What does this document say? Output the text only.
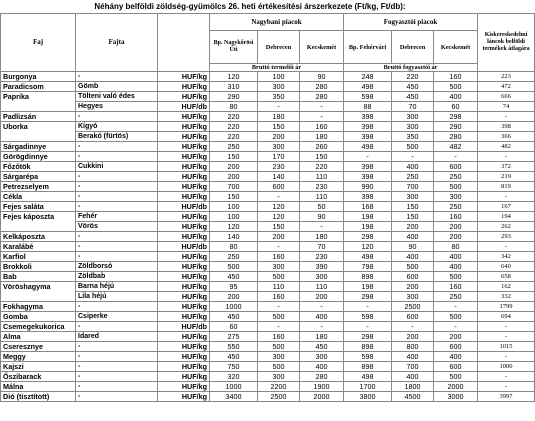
Néhány belföldi zöldség-gyümölcs 26. heti értékesítési árszerkezete (Ft/kg, Ft/db):
Faj	Fajta		Nagybani piacok			Fogyasztói piacok			Kiskereskedelmi láncok belföldi termékek átlagára
			Bp. Nagykőrösi Úti	Debrecen	Kecskemét	Bp. Fehérvári	Debrecen	Kecskemét	
			Bruttó termelői ár			Bruttó fogyasztói ár			
Burgonya	-	HUF/kg	120	100	90	248	220	160	223
Paradicsom	Gömb	HUF/kg	310	300	280	498	450	500	472
Paprika	Tölteni való édes	HUF/kg	290	350	280	598	450	400	666
	Hegyes	HUF/db	80	-	-	88	70	60	74
Padlizsán	-	HUF/kg	220	180	-	398	300	298	-
Uborka	Kígyó	HUF/kg	220	150	160	398	300	290	398
	Berakó (fürtös)	HUF/kg	220	200	180	398	350	280	366
Sárgadinnye	-	HUF/kg	250	300	260	498	500	482	482
Görögdinnye	-	HUF/kg	150	170	150	-	-	-	-
Főzőtök	Cukkini	HUF/kg	200	230	220	398	400	600	372
Sárgarépa	-	HUF/kg	200	140	110	398	250	250	219
Petrezselyem	-	HUF/kg	700	600	230	990	700	500	819
Cékla	-	HUF/kg	150	-	110	398	300	300	-
Fejes saláta	-	HUF/db	100	120	50	168	150	250	167
Fejes káposzta	Fehér	HUF/kg	100	120	90	198	150	160	194
	Vörös	HUF/kg	120	150	-	198	200	200	262
Kelkáposzta	-	HUF/kg	140	200	180	298	400	200	293
Karalábé	-	HUF/db	80	-	70	120	90	80	-
Karfiol	-	HUF/kg	250	160	230	498	400	400	342
Brokkoli	Zöldborsó	HUF/kg	500	300	390	798	500	400	640
Bab	Zöldbab	HUF/kg	450	500	300	898	600	500	658
Vöröshagyma	Barna héjú	HUF/kg	95	110	110	198	200	160	162
	Lila héjú	HUF/kg	200	160	200	298	300	250	332
Fokhagyma	-	HUF/kg	1000	-	-	-	2500	-	1799
Gomba	Csiperke	HUF/kg	450	500	400	598	600	500	694
Csemegekukorica	-	HUF/db	60	-	-	-	-	-	-
Alma	Idared	HUF/kg	275	160	180	298	200	200	-
Cseresznye	-	HUF/kg	550	500	450	898	800	600	1015
Meggy	-	HUF/kg	450	300	300	598	400	400	-
Kajszi	-	HUF/kg	750	500	400	898	700	600	1000
Őszibarack	-	HUF/kg	320	300	280	498	400	500	-
Málna	-	HUF/kg	1000	2200	1900	1700	1800	2000	-
Dió (tisztított)	-	HUF/kg	3400	2500	2000	3800	4500	3000	3997
